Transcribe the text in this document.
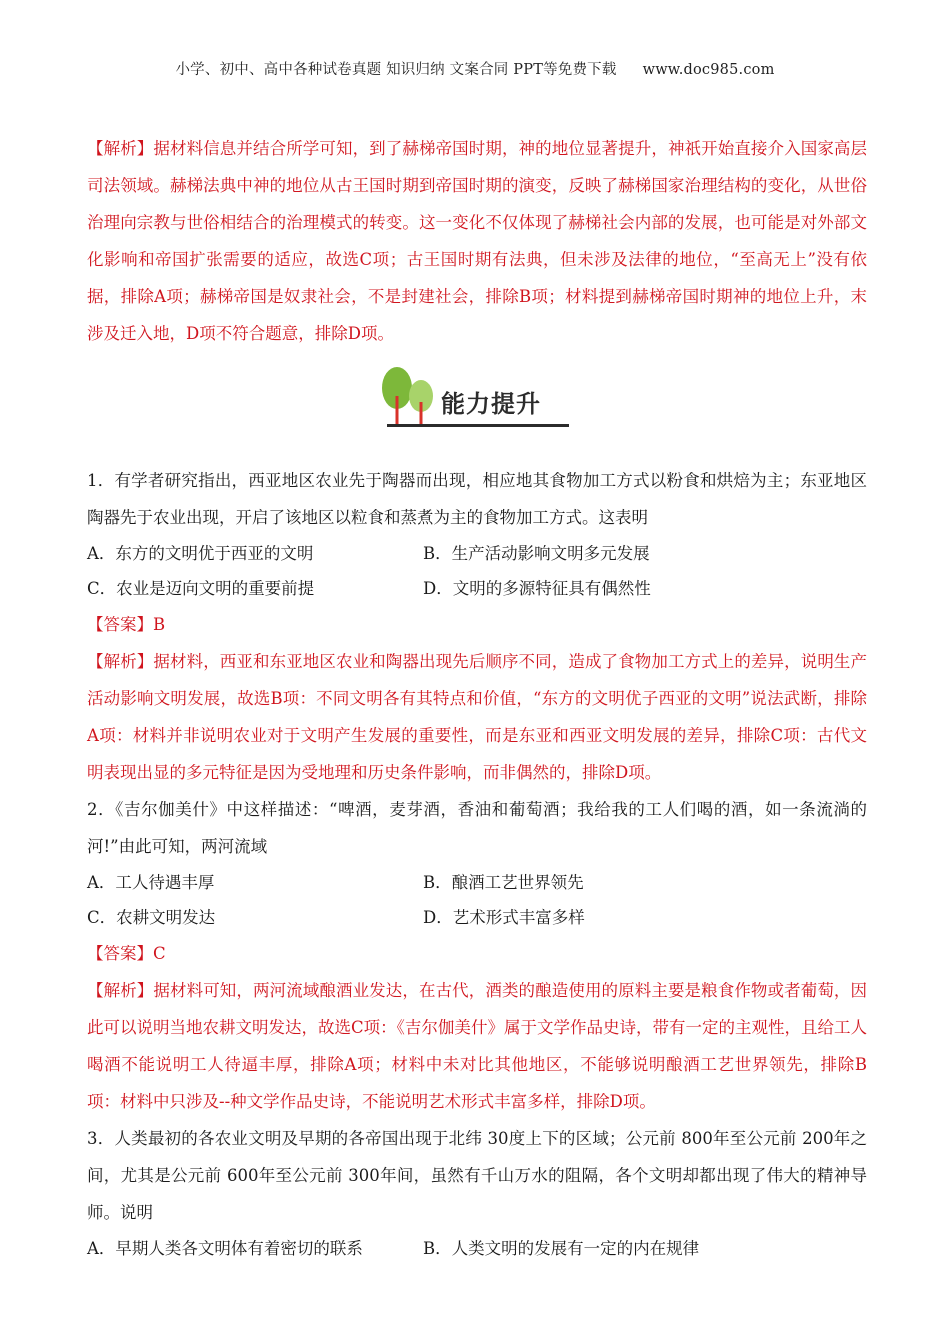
小学、初中、高中各种试卷真题 知识归纳 文案合同 PPT等免费下载 www.doc985.com

【解析】据材料信息并结合所学可知，到了赫梯帝国时期，神的地位显著提升，神祇开始直接介入国家高层司法领域。赫梯法典中神的地位从古王国时期到帝国时期的演变，反映了赫梯国家治理结构的变化，从世俗治理向宗教与世俗相结合的治理模式的转变。这一变化不仅体现了赫梯社会内部的发展，也可能是对外部文化影响和帝国扩张需要的适应，故选C项；古王国时期有法典，但未涉及法律的地位，“至高无上”没有依据，排除A项；赫梯帝国是奴隶社会，不是封建社会，排除B项；材料提到赫梯帝国时期神的地位上升，末涉及迁入地，D项不符合题意，排除D项。

能力提升

1．有学者研究指出，西亚地区农业先于陶器而出现，相应地其食物加工方式以粉食和烘焙为主；东亚地区陶器先于农业出现，开启了该地区以粒食和蒸煮为主的食物加工方式。这表明

A．东方的文明优于西亚的文明	B．生产活动影响文明多元发展
C．农业是迈向文明的重要前提	D．文明的多源特征具有偶然性

【答案】B

【解析】据材料，西亚和东亚地区农业和陶器出现先后顺序不同，造成了食物加工方式上的差异，说明生产活动影响文明发展，故选B项：不同文明各有其特点和价值，“东方的文明优子西亚的文明”说法武断，排除A项：材料并非说明农业对于文明产生发展的重要性，而是东亚和西亚文明发展的差异，排除C项：古代文明表现出显的多元特征是因为受地理和历史条件影响，而非偶然的，排除D项。

2．《吉尔伽美什》中这样描述：“啤酒，麦芽酒，香油和葡萄酒；我给我的工人们喝的酒，如一条流淌的河!”由此可知，两河流域

A．工人待遇丰厚	B．酿酒工艺世界领先
C．农耕文明发达	D．艺术形式丰富多样

【答案】C

【解析】据材料可知，两河流域酿酒业发达，在古代，酒类的酿造使用的原料主要是粮食作物或者葡萄，因此可以说明当地农耕文明发达，故选C项：《吉尔伽美什》属于文学作品史诗，带有一定的主观性，且给工人喝酒不能说明工人待逼丰厚，排除A项；材料中未对比其他地区，不能够说明酿酒工艺世界领先，排除B项：材料中只涉及--种文学作品史诗，不能说明艺术形式丰富多样，排除D项。

3．人类最初的各农业文明及早期的各帝国出现于北纬 30度上下的区域；公元前 800年至公元前 200年之间，尤其是公元前 600年至公元前 300年间，虽然有千山万水的阻隔，各个文明却都出现了伟大的精神导师。说明

A．早期人类各文明体有着密切的联系	B．人类文明的发展有一定的内在规律
